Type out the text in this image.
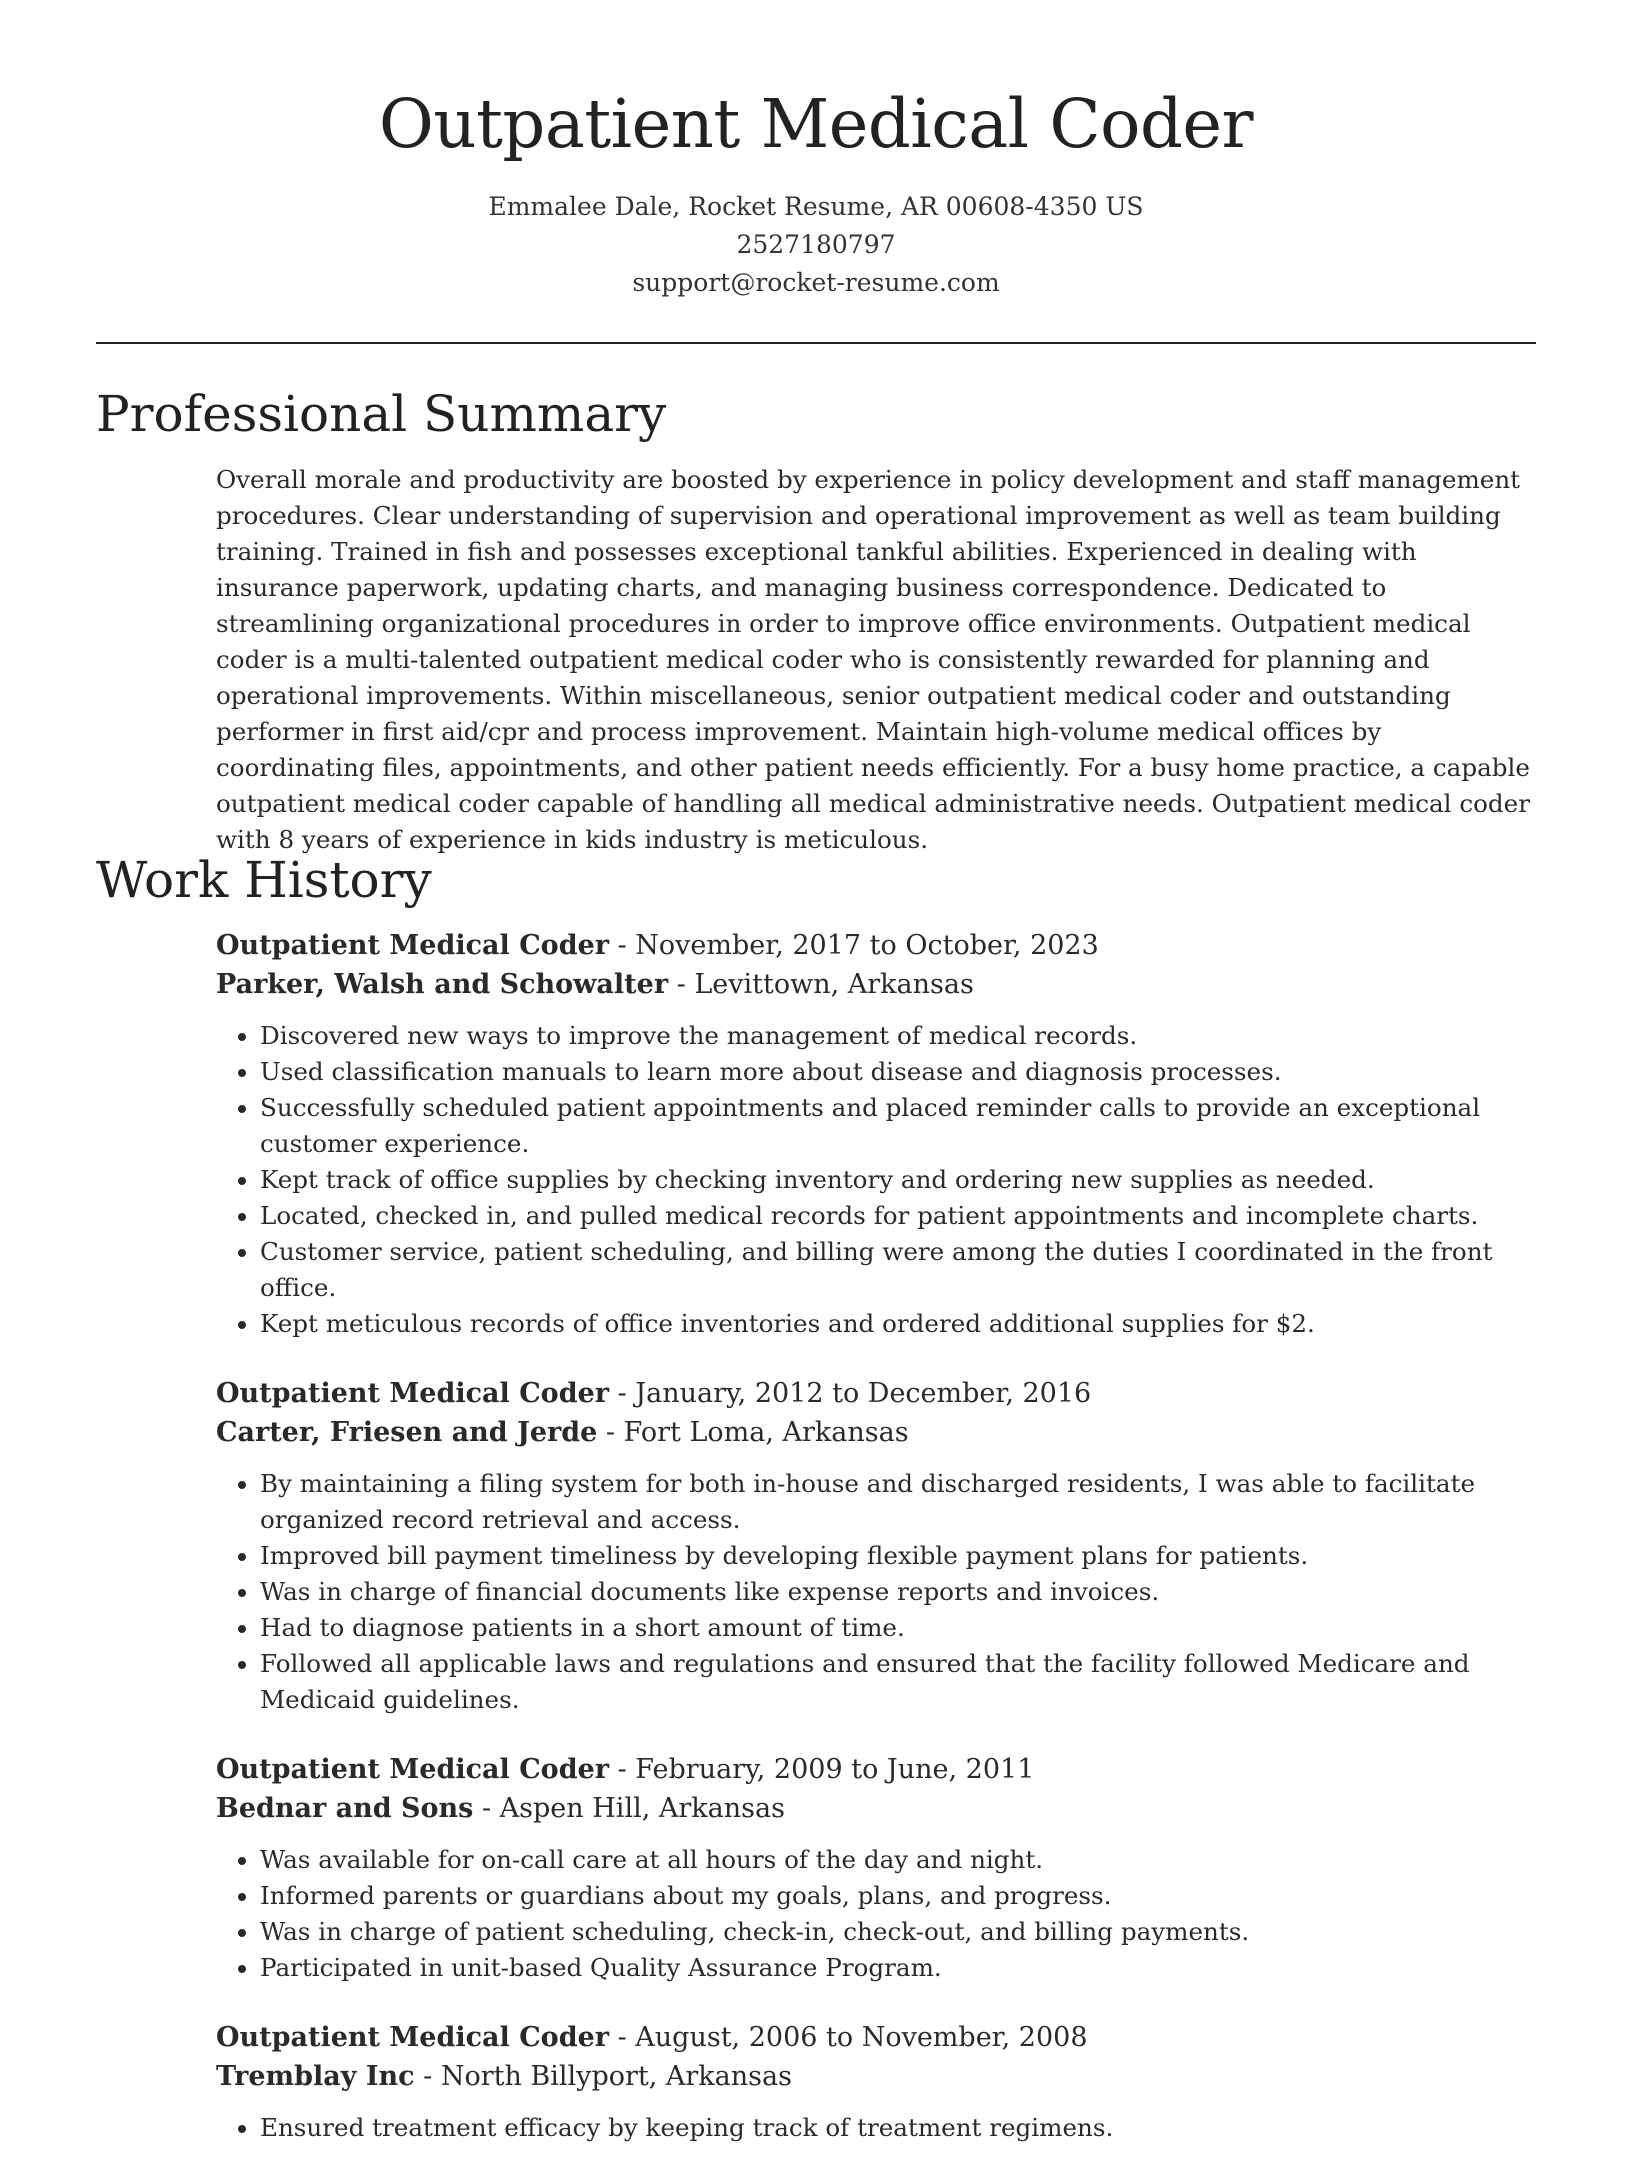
Outpatient Medical Coder

Emmalee Dale, Rocket Resume, AR 00608-4350 US

2527180797

support@rocket-resume.com

Professional Summary

Overall morale and productivity are boosted by experience in policy development and staff management procedures. Clear understanding of supervision and operational improvement as well as team building training. Trained in fish and possesses exceptional tankful abilities. Experienced in dealing with insurance paperwork, updating charts, and managing business correspondence. Dedicated to streamlining organizational procedures in order to improve office environments. Outpatient medical coder is a multi-talented outpatient medical coder who is consistently rewarded for planning and operational improvements. Within miscellaneous, senior outpatient medical coder and outstanding performer in first aid/cpr and process improvement. Maintain high-volume medical offices by coordinating files, appointments, and other patient needs efficiently. For a busy home practice, a capable outpatient medical coder capable of handling all medical administrative needs. Outpatient medical coder with 8 years of experience in kids industry is meticulous.

Work History

Outpatient Medical Coder - November, 2017 to October, 2023

Parker, Walsh and Schowalter - Levittown, Arkansas

• Discovered new ways to improve the management of medical records.
• Used classification manuals to learn more about disease and diagnosis processes.
• Successfully scheduled patient appointments and placed reminder calls to provide an exceptional customer experience.
• Kept track of office supplies by checking inventory and ordering new supplies as needed.
• Located, checked in, and pulled medical records for patient appointments and incomplete charts.
• Customer service, patient scheduling, and billing were among the duties I coordinated in the front office.
• Kept meticulous records of office inventories and ordered additional supplies for $2.

Outpatient Medical Coder - January, 2012 to December, 2016

Carter, Friesen and Jerde - Fort Loma, Arkansas

• By maintaining a filing system for both in-house and discharged residents, I was able to facilitate organized record retrieval and access.
• Improved bill payment timeliness by developing flexible payment plans for patients.
• Was in charge of financial documents like expense reports and invoices.
• Had to diagnose patients in a short amount of time.
• Followed all applicable laws and regulations and ensured that the facility followed Medicare and Medicaid guidelines.

Outpatient Medical Coder - February, 2009 to June, 2011

Bednar and Sons - Aspen Hill, Arkansas

• Was available for on-call care at all hours of the day and night.
• Informed parents or guardians about my goals, plans, and progress.
• Was in charge of patient scheduling, check-in, check-out, and billing payments.
• Participated in unit-based Quality Assurance Program.

Outpatient Medical Coder - August, 2006 to November, 2008

Tremblay Inc - North Billyport, Arkansas

• Ensured treatment efficacy by keeping track of treatment regimens.
